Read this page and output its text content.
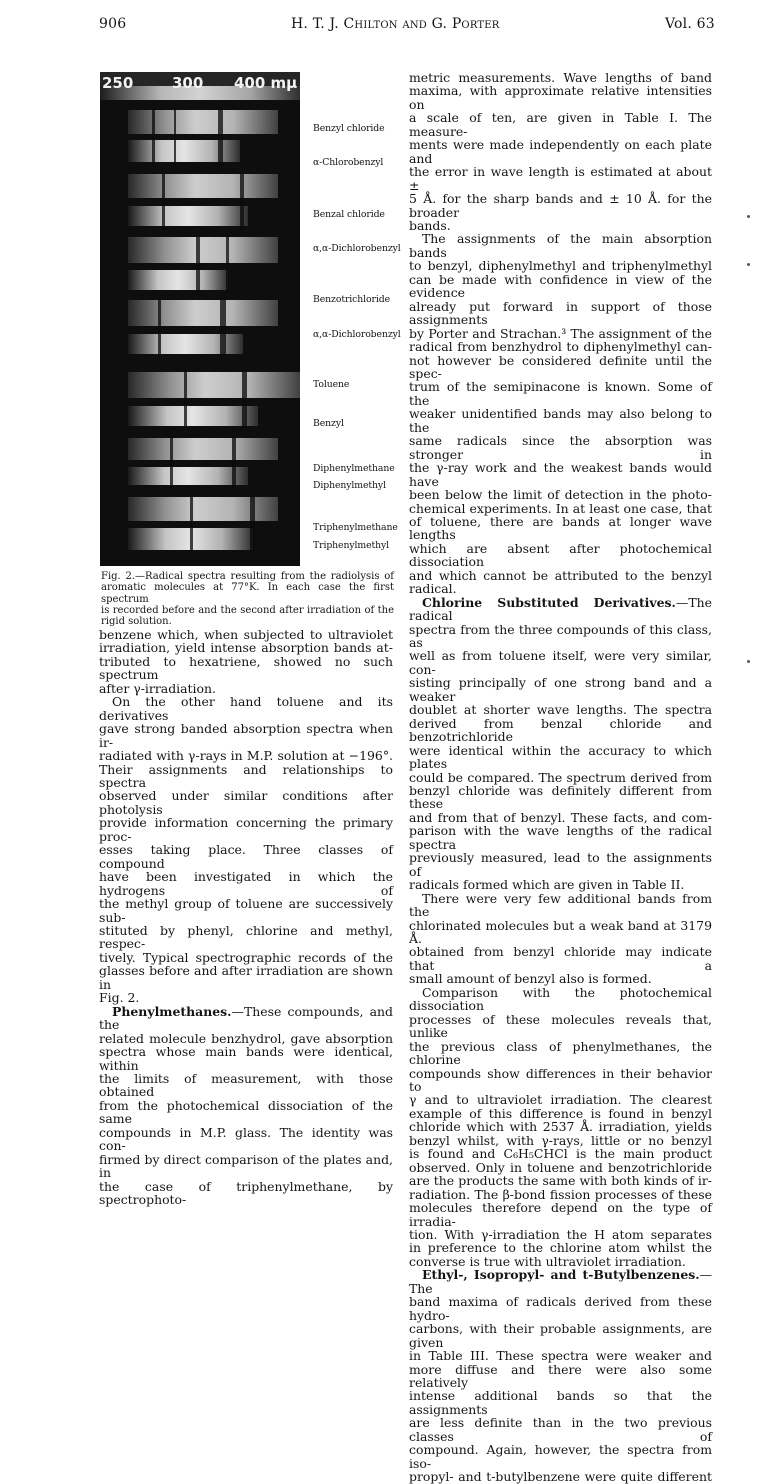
906	H. T. J. Chilton and G. Porter	Vol. 63
250	300 400 mμ
Benzyl chloride
α-Chlorobenzyl
Benzal chloride
α,α-Dichlorobenzyl
Benzotrichloride
α,α-Dichlorobenzyl
Toluene
Benzyl
Diphenylmethane
Diphenylmethyl
Triphenylmethane
Triphenylmethyl
Fig. 2.—Radical spectra resulting from the radiolysis of
aromatic molecules at 77°K. In each case the first spectrum
is recorded before and the second after irradiation of the
rigid solution.
benzene which, when subjected to ultraviolet
irradiation, yield intense absorption bands at-
tributed to hexatriene, showed no such spectrum
after γ-irradiation.
On the other hand toluene and its derivatives
gave strong banded absorption spectra when ir-
radiated with γ-rays in M.P. solution at −196°.
Their assignments and relationships to spectra
observed under similar conditions after photolysis
provide information concerning the primary proc-
esses taking place. Three classes of compound
have been investigated in which the hydrogens of
the methyl group of toluene are successively sub-
stituted by phenyl, chlorine and methyl, respec-
tively. Typical spectrographic records of the
glasses before and after irradiation are shown in
Fig. 2.
Phenylmethanes.—These compounds, and the
related molecule benzhydrol, gave absorption
spectra whose main bands were identical, within
the limits of measurement, with those obtained
from the photochemical dissociation of the same
compounds in M.P. glass. The identity was con-
firmed by direct comparison of the plates and, in
the case of triphenylmethane, by spectrophoto-
metric measurements. Wave lengths of band
maxima, with approximate relative intensities on
a scale of ten, are given in Table I. The measure-
ments were made independently on each plate and
the error in wave length is estimated at about ±
5 Å. for the sharp bands and ± 10 Å. for the broader
bands.
The assignments of the main absorption bands
to benzyl, diphenylmethyl and triphenylmethyl
can be made with confidence in view of the evidence
already put forward in support of those assignments
by Porter and Strachan.³ The assignment of the
radical from benzhydrol to diphenylmethyl can-
not however be considered definite until the spec-
trum of the semipinacone is known. Some of the
weaker unidentified bands may also belong to the
same radicals since the absorption was stronger in
the γ-ray work and the weakest bands would have
been below the limit of detection in the photo-
chemical experiments. In at least one case, that
of toluene, there are bands at longer wave lengths
which are absent after photochemical dissociation
and which cannot be attributed to the benzyl
radical.
Chlorine Substituted Derivatives.—The radical
spectra from the three compounds of this class, as
well as from toluene itself, were very similar, con-
sisting principally of one strong band and a weaker
doublet at shorter wave lengths. The spectra
derived from benzal chloride and benzotrichloride
were identical within the accuracy to which plates
could be compared. The spectrum derived from
benzyl chloride was definitely different from these
and from that of benzyl. These facts, and com-
parison with the wave lengths of the radical spectra
previously measured, lead to the assignments of
radicals formed which are given in Table II.
There were very few additional bands from the
chlorinated molecules but a weak band at 3179 Å.
obtained from benzyl chloride may indicate that a
small amount of benzyl also is formed.
Comparison with the photochemical dissociation
processes of these molecules reveals that, unlike
the previous class of phenylmethanes, the chlorine
compounds show differences in their behavior to
γ and to ultraviolet irradiation. The clearest
example of this difference is found in benzyl
chloride which with 2537 Å. irradiation, yields
benzyl whilst, with γ-rays, little or no benzyl
is found and C₆H₅CHCl is the main product
observed. Only in toluene and benzotrichloride
are the products the same with both kinds of ir-
radiation. The β-bond fission processes of these
molecules therefore depend on the type of irradia-
tion. With γ-irradiation the H atom separates
in preference to the chlorine atom whilst the
converse is true with ultraviolet irradiation.
Ethyl-, Isopropyl- and t-Butylbenzenes.—The
band maxima of radicals derived from these hydro-
carbons, with their probable assignments, are given
in Table III. These spectra were weaker and
more diffuse and there were also some relatively
intense additional bands so that the assignments
are less definite than in the two previous classes of
compound. Again, however, the spectra from iso-
propyl- and t-butylbenzene were quite different
